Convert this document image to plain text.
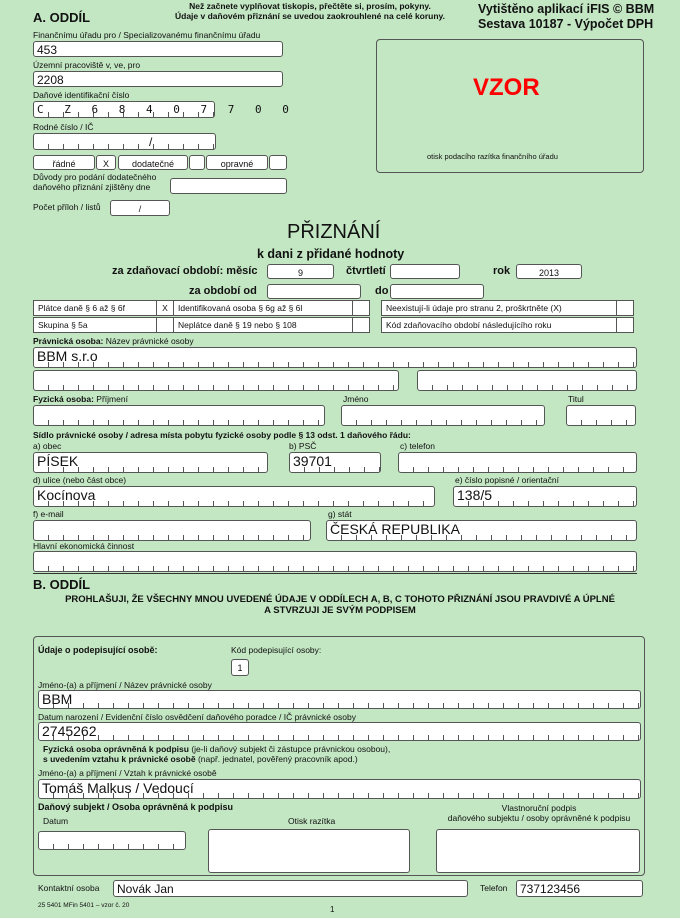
A. ODDÍL
Než začnete vyplňovat tiskopis, přečtěte si, prosím, pokyny.
Údaje v daňovém přiznání se uvedou zaokrouhlené na celé koruny.	Vytištěno aplikací iFIS © BBM
Sestava 10187 - Výpočet DPH
Finančnímu úřadu pro / Specializovanému finančnímu úřadu
453
Územní pracoviště v, ve, pro
2208
Daňové identifikační číslo
C Z 6 8 4 0 7 7 0 0
Rodné číslo / IČ
/
řádné	X	dodatečné	opravné
Důvody pro podání dodatečného
daňového přiznání zjištěny dne
Počet příloh / listů	/
VZOR
otisk podacího razítka finančního úřadu
PŘIZNÁNÍ
k dani z přidané hodnoty
za zdaňovací období: měsíc	9	čtvrtletí	rok	2013
za období od	do
Plátce daně § 6 až § 6f	X	Identifikovaná osoba § 6g až § 6l	Neexistují-li údaje pro stranu 2, proškrtněte (X)
Skupina § 5a	Neplátce daně § 19 nebo § 108	Kód zdaňovacího období následujícího roku
Právnická osoba: Název právnické osoby
BBM s.r.o
Fyzická osoba: Příjmení	Jméno	Titul
Sídlo právnické osoby / adresa místa pobytu fyzické osoby podle § 13 odst. 1 daňového řádu:
a) obec
PÍSEK
b) PSČ
39701
c) telefon
d) ulice (nebo část obce)
Kocínova
e) číslo popisné / orientační
138/5
f) e-mail	g) stát
ČESKÁ REPUBLIKA
Hlavní ekonomická činnost
B. ODDÍL
PROHLAŠUJI, ŽE VŠECHNY MNOU UVEDENÉ ÚDAJE V ODDÍLECH A, B, C TOHOTO PŘIZNÁNÍ JSOU PRAVDIVÉ A ÚPLNÉ
A STVRZUJI JE SVÝM PODPISEM
Údaje o podepisující osobě:	Kód podepisující osoby:
1
Jméno-(a) a příjmení / Název právnické osoby
BBM
Datum narození / Evidenční číslo osvědčení daňového poradce / IČ právnické osoby
2745262
Fyzická osoba oprávněná k podpisu (je-li daňový subjekt či zástupce právnickou osobou),
s uvedením vztahu k právnické osobě (např. jednatel, pověřený pracovník apod.)
Jméno-(a) a příjmení / Vztah k právnické osobě
Tomáš Malkus / Vedoucí
Daňový subjekt / Osoba oprávněná k podpisu
Datum	Otisk razítka
Vlastnoruční podpis
daňového subjektu / osoby oprávněné k podpisu
Kontaktní osoba	Novák Jan	Telefon	737123456
25 5401 MFin 5401 – vzor č. 20	1
